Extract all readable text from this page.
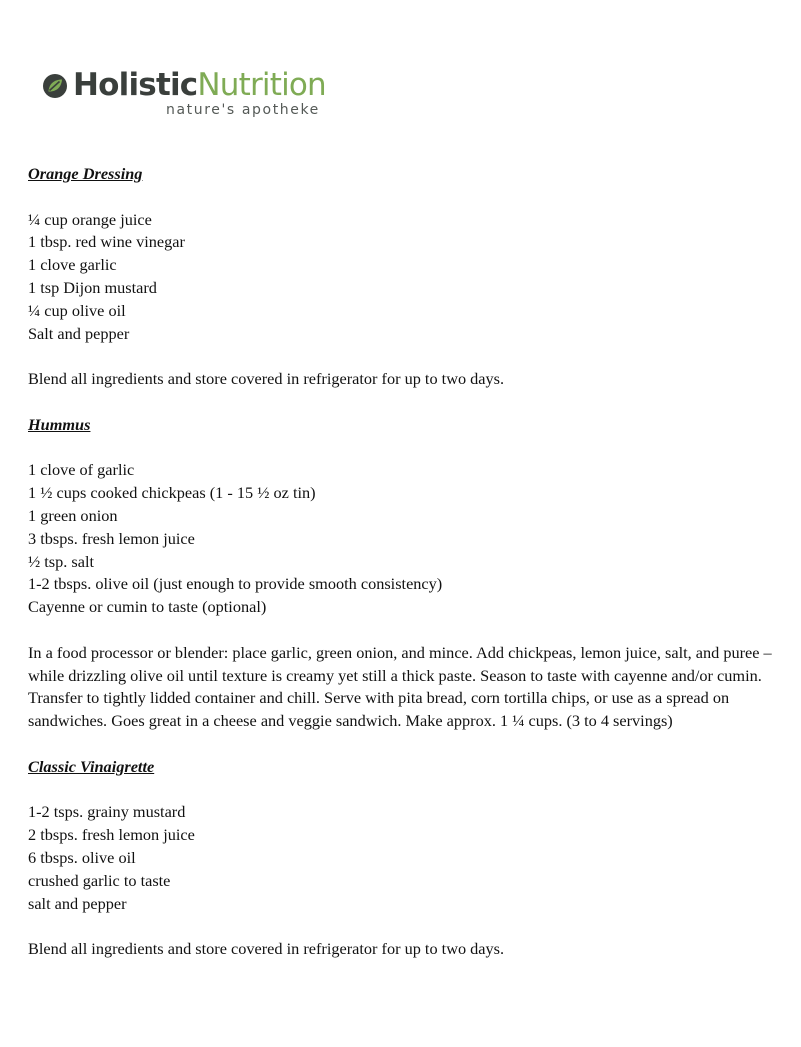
HolisticNutrition
nature's apotheke
Orange Dressing
¼ cup orange juice
1 tbsp. red wine vinegar
1 clove garlic
1 tsp Dijon mustard
¼ cup olive oil
Salt and pepper
Blend all ingredients and store covered in refrigerator for up to two days.
Hummus
1 clove of garlic
1 ½ cups cooked chickpeas (1 - 15 ½ oz tin)
1 green onion
3 tbsps. fresh lemon juice
½ tsp. salt
1-2 tbsps. olive oil (just enough to provide smooth consistency)
Cayenne or cumin to taste (optional)
In a food processor or blender: place garlic, green onion, and mince. Add chickpeas, lemon juice, salt, and puree – while drizzling olive oil until texture is creamy yet still a thick paste. Season to taste with cayenne and/or cumin. Transfer to tightly lidded container and chill. Serve with pita bread, corn tortilla chips, or use as a spread on sandwiches. Goes great in a cheese and veggie sandwich. Make approx. 1 ¼ cups. (3 to 4 servings)
Classic Vinaigrette
1-2 tsps. grainy mustard
2 tbsps. fresh lemon juice
6 tbsps. olive oil
crushed garlic to taste
salt and pepper
Blend all ingredients and store covered in refrigerator for up to two days.
